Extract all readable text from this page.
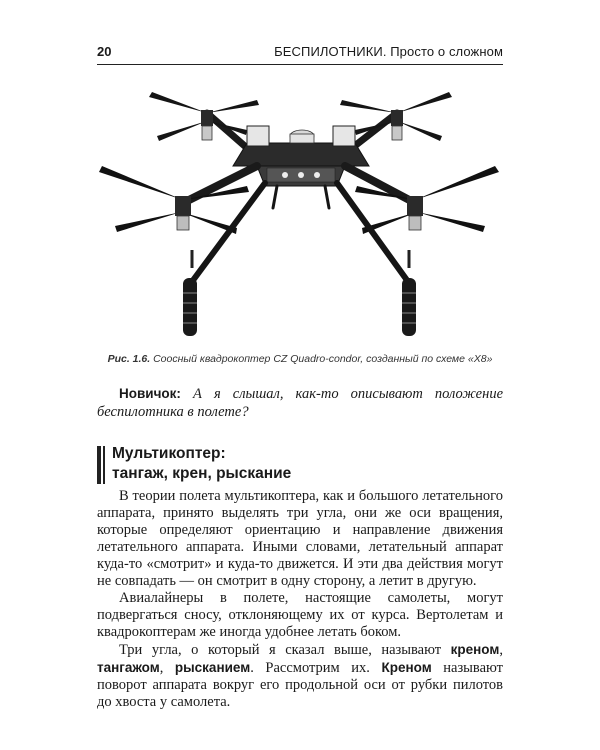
20	БЕСПИЛОТНИКИ. Просто о сложном
Рис. 1.6. Соосный квадрокоптер CZ Quadro-condor, созданный по схеме «X8»
Новичок: А я слышал, как-то описывают положение беспилотника в полете?
Мультикоптер:
тангаж, крен, рыскание

В теории полета мультикоптера, как и большого летательного аппарата, принято выделять три угла, они же оси вращения, которые определяют ориентацию и направление движения летательного аппарата. Иными словами, летательный аппарат куда-то «смотрит» и куда-то движется. И эти два действия могут не совпадать — он смотрит в одну сторону, а летит в другую.

Авиалайнеры в полете, настоящие самолеты, могут подвергаться сносу, отклоняющему их от курса. Вертолетам и квадрокоптерам же иногда удобнее летать боком.

Три угла, о который я сказал выше, называют креном, тангажом, рысканием. Рассмотрим их. Креном называют поворот аппарата вокруг его продольной оси от рубки пилотов до хвоста у самолета.
